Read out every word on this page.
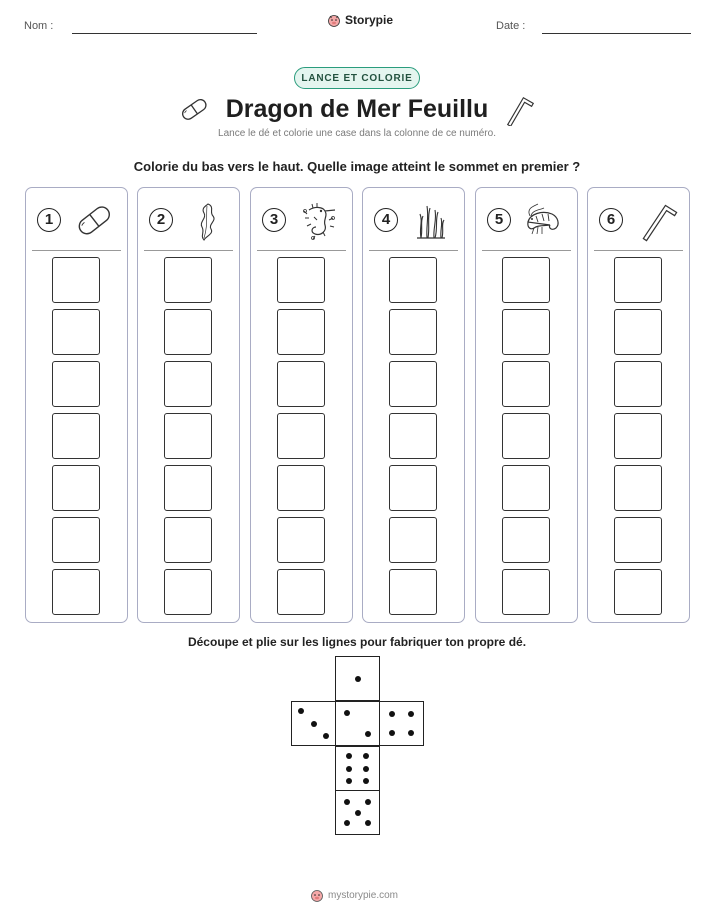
Nom :	Storypie	Date :
LANCE ET COLORIE
Dragon de Mer Feuillu
Lance le dé et colorie une case dans la colonne de ce numéro.
Colorie du bas vers le haut. Quelle image atteint le sommet en premier ?
1	2	3	4	5	6
Découpe et plie sur les lignes pour fabriquer ton propre dé.
mystorypie.com
